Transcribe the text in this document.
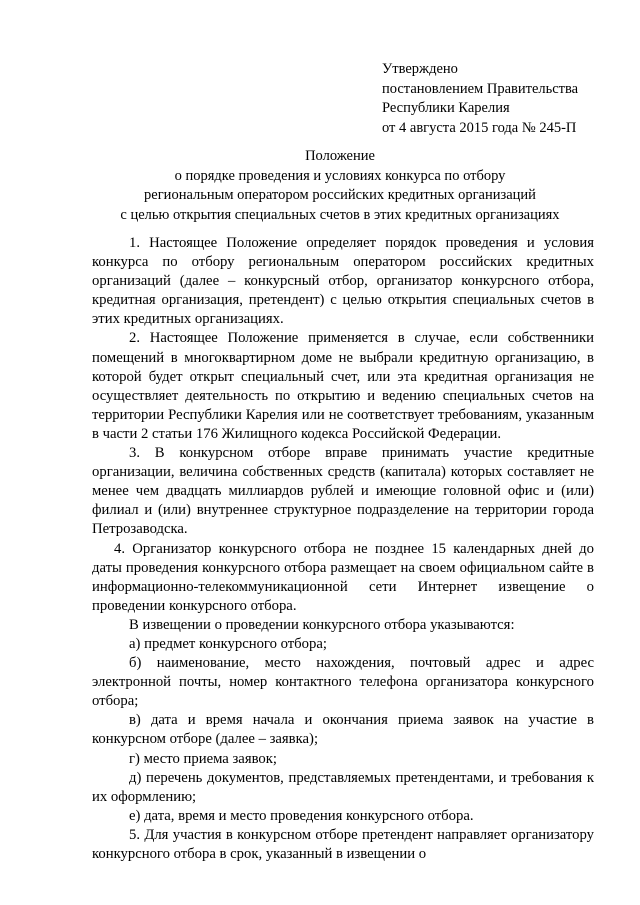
Утверждено
постановлением Правительства
Республики Карелия
от 4 августа 2015 года № 245-П
Положение
о порядке проведения и условиях конкурса по отбору
региональным оператором российских кредитных организаций
с целью открытия специальных счетов в этих кредитных организациях

1. Настоящее Положение определяет порядок проведения и условия конкурса по отбору региональным оператором российских кредитных организаций (далее – конкурсный отбор, организатор конкурсного отбора, кредитная организация, претендент) с целью открытия специальных счетов в этих кредитных организациях.

2. Настоящее Положение применяется в случае, если собственники помещений в многоквартирном доме не выбрали кредитную организацию, в которой будет открыт специальный счет, или эта кредитная организация не осуществляет деятельность по открытию и ведению специальных счетов на территории Республики Карелия или не соответствует требованиям, указанным в части 2 статьи 176 Жилищного кодекса Российской Федерации.

3. В конкурсном отборе вправе принимать участие кредитные организации, величина собственных средств (капитала) которых составляет не менее чем двадцать миллиардов рублей и имеющие головной офис и (или) филиал и (или) внутреннее структурное подразделение на территории города Петрозаводска.

4. Организатор конкурсного отбора не позднее 15 календарных дней до даты проведения конкурсного отбора размещает на своем официальном сайте в информационно-телекоммуникационной сети Интернет извещение о проведении конкурсного отбора.

В извещении о проведении конкурсного отбора указываются:

а) предмет конкурсного отбора;

б) наименование, место нахождения, почтовый адрес и адрес электронной почты, номер контактного телефона организатора конкурсного отбора;

в) дата и время начала и окончания приема заявок на участие в конкурсном отборе (далее – заявка);

г) место приема заявок;

д) перечень документов, представляемых претендентами, и требования к их оформлению;

е) дата, время и место проведения конкурсного отбора.

5. Для участия в конкурсном отборе претендент направляет организатору конкурсного отбора в срок, указанный в извещении о
